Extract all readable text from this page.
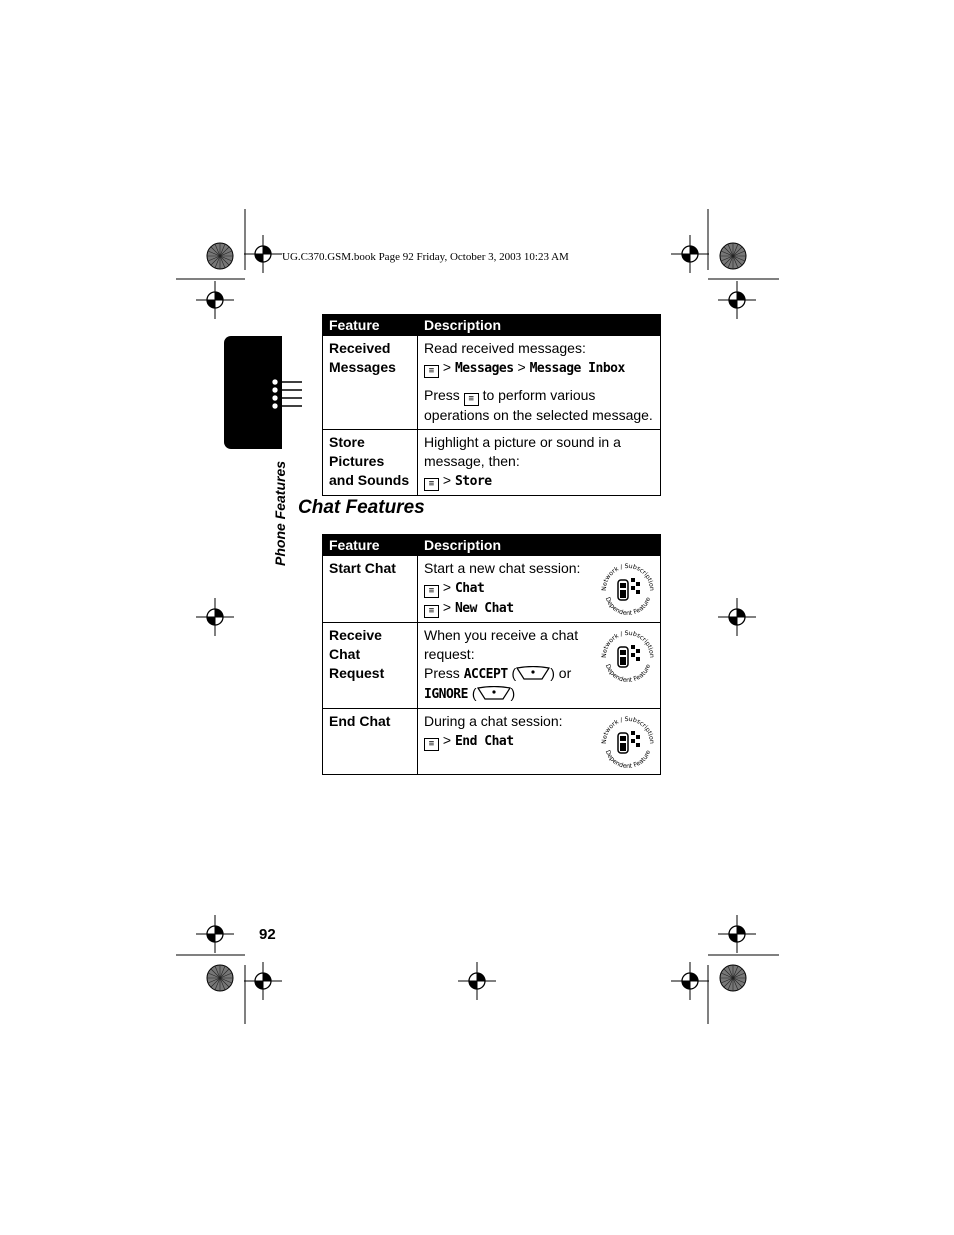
UG.C370.GSM.book Page 92 Friday, October 3, 2003 10:23 AM
Phone Features
Feature	Description
Received Messages	Read received messages:
≡ > Messages > Message Inbox
Press ≡ to perform various operations on the selected message.

Store Pictures and Sounds	Highlight a picture or sound in a message, then:
≡ > Store
Chat Features
Feature	Description
Start Chat	Start a new chat session:
≡ > Chat
≡ > New Chat
Network / Subscription
Dependent Feature

Receive Chat Request	When you receive a chat request:
Press ACCEPT ( ) or
IGNORE ( )
Network / Subscription
Dependent Feature

End Chat	During a chat session:
≡ > End Chat Network / Subscription
Dependent Feature
92
